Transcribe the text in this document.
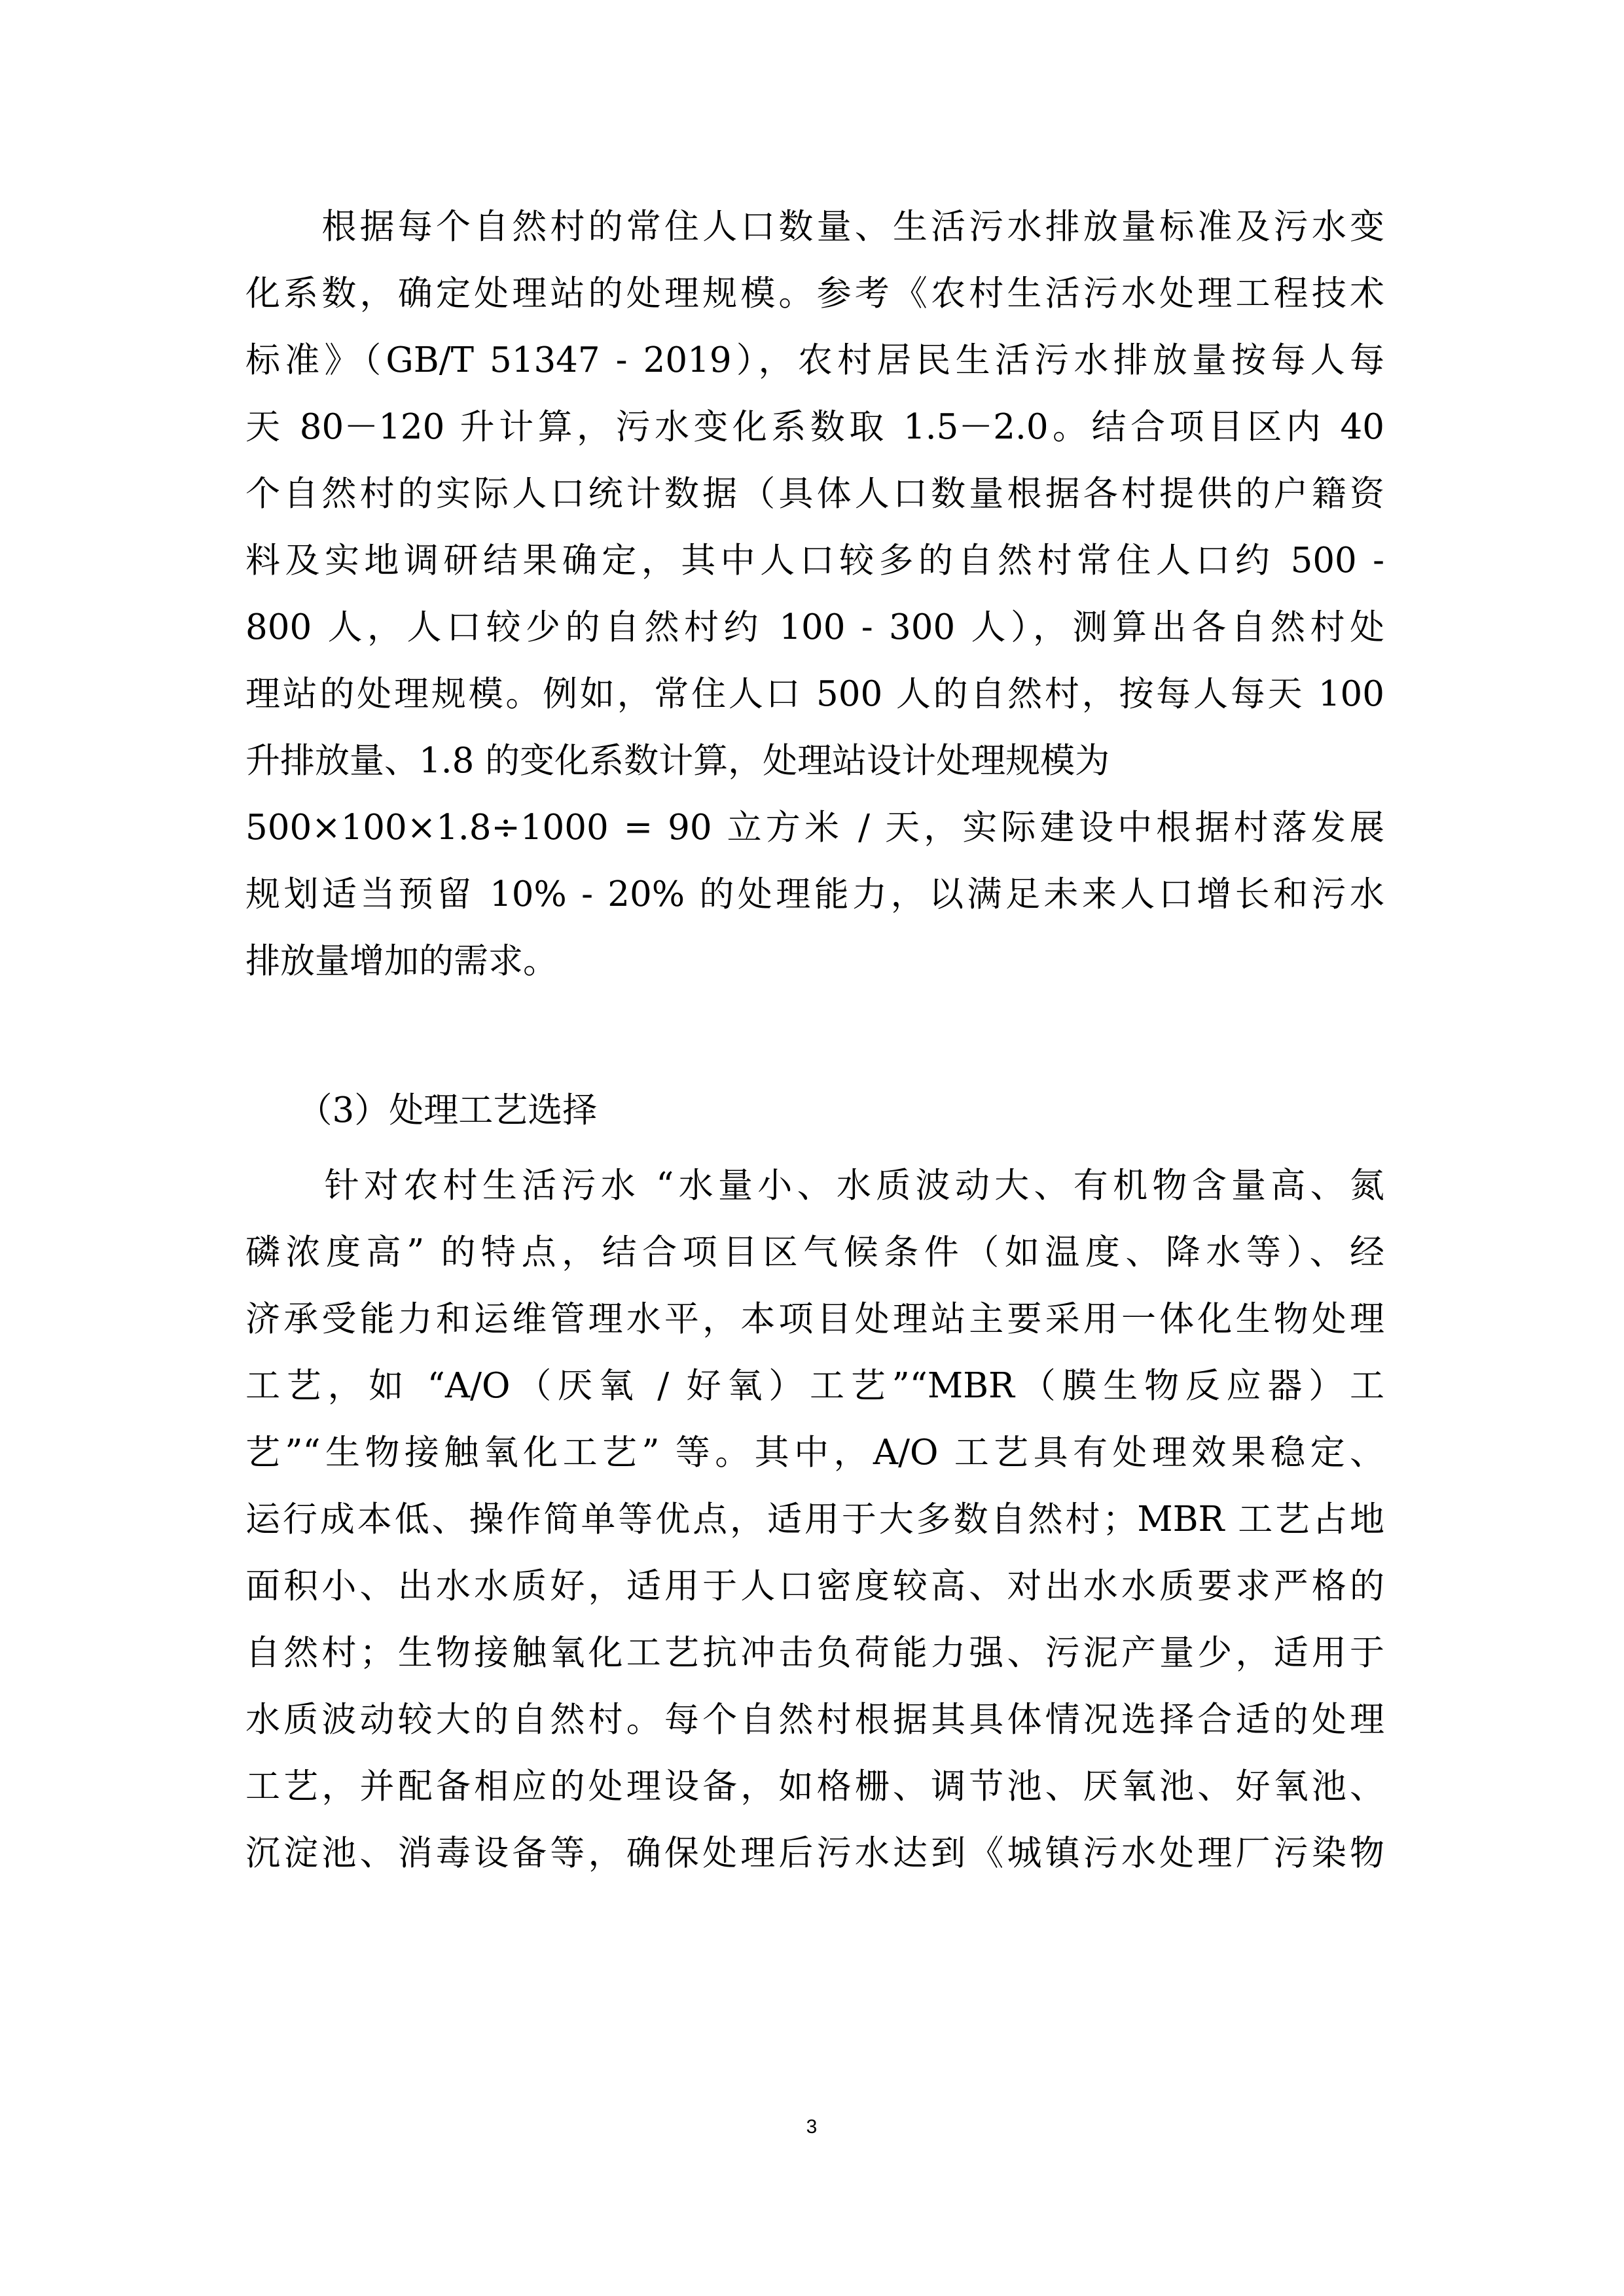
　　根据每个自然村的常住人口数量、生活污水排放量标准及污水变
化系数，确定处理站的处理规模。参考《农村生活污水处理工程技术
标准》（GB/T 51347 - 2019），农村居民生活污水排放量按每人每
天 80－120 升计算，污水变化系数取 1.5－2.0。结合项目区内 40
个自然村的实际人口统计数据（具体人口数量根据各村提供的户籍资
料及实地调研结果确定，其中人口较多的自然村常住人口约 500 -
800 人，人口较少的自然村约 100 - 300 人），测算出各自然村处
理站的处理规模。例如，常住人口 500 人的自然村，按每人每天 100
升排放量、1.8 的变化系数计算，处理站设计处理规模为
500×100×1.8÷1000 = 90 立方米 / 天，实际建设中根据村落发展
规划适当预留 10% - 20% 的处理能力，以满足未来人口增长和污水
排放量增加的需求。
　　（3）处理工艺选择
　　针对农村生活污水 “水量小、水质波动大、有机物含量高、氮
磷浓度高” 的特点，结合项目区气候条件（如温度、降水等）、经
济承受能力和运维管理水平，本项目处理站主要采用一体化生物处理
工艺，如 “A/O（厌氧 / 好氧）工艺”“MBR（膜生物反应器）工
艺”“生物接触氧化工艺” 等。其中，A/O 工艺具有处理效果稳定、
运行成本低、操作简单等优点，适用于大多数自然村；MBR 工艺占地
面积小、出水水质好，适用于人口密度较高、对出水水质要求严格的
自然村；生物接触氧化工艺抗冲击负荷能力强、污泥产量少，适用于
水质波动较大的自然村。每个自然村根据其具体情况选择合适的处理
工艺，并配备相应的处理设备，如格栅、调节池、厌氧池、好氧池、
沉淀池、消毒设备等，确保处理后污水达到《城镇污水处理厂污染物
3
